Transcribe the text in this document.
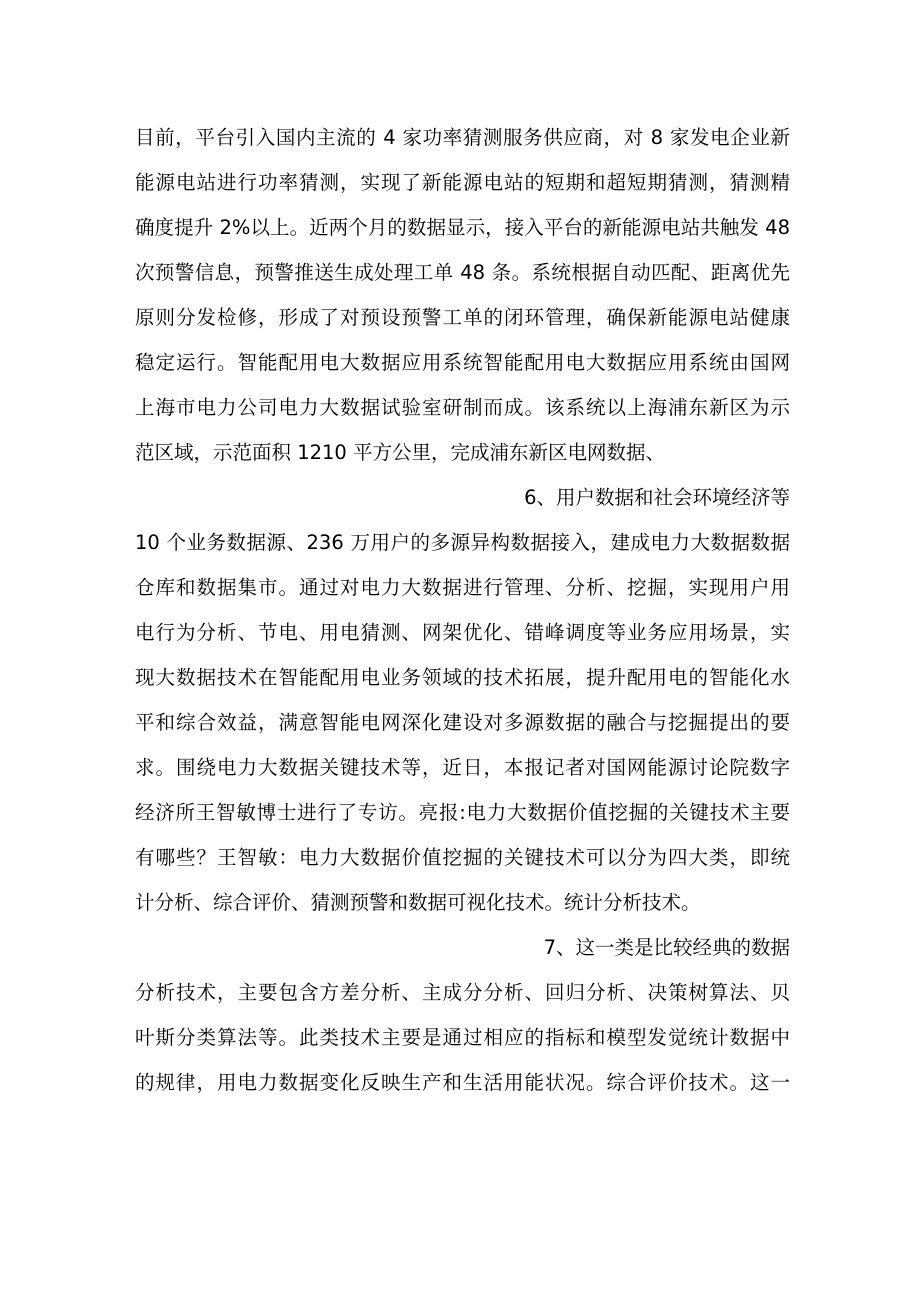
目前，平台引入国内主流的 4 家功率猜测服务供应商，对 8 家发电企业新
能源电站进行功率猜测，实现了新能源电站的短期和超短期猜测，猜测精
确度提升 2%以上。近两个月的数据显示，接入平台的新能源电站共触发 48
次预警信息，预警推送生成处理工单 48 条。系统根据自动匹配、距离优先
原则分发检修，形成了对预设预警工单的闭环管理，确保新能源电站健康
稳定运行。智能配用电大数据应用系统智能配用电大数据应用系统由国网
上海市电力公司电力大数据试验室研制而成。该系统以上海浦东新区为示
范区域，示范面积 1210 平方公里，完成浦东新区电网数据、
6、用户数据和社会环境经济等
10 个业务数据源、236 万用户的多源异构数据接入，建成电力大数据数据
仓库和数据集市。通过对电力大数据进行管理、分析、挖掘，实现用户用
电行为分析、节电、用电猜测、网架优化、错峰调度等业务应用场景，实
现大数据技术在智能配用电业务领域的技术拓展，提升配用电的智能化水
平和综合效益，满意智能电网深化建设对多源数据的融合与挖掘提出的要
求。围绕电力大数据关键技术等，近日，本报记者对国网能源讨论院数字
经济所王智敏博士进行了专访。亮报:电力大数据价值挖掘的关键技术主要
有哪些？王智敏：电力大数据价值挖掘的关键技术可以分为四大类，即统
计分析、综合评价、猜测预警和数据可视化技术。统计分析技术。
7、这一类是比较经典的数据
分析技术，主要包含方差分析、主成分分析、回归分析、决策树算法、贝
叶斯分类算法等。此类技术主要是通过相应的指标和模型发觉统计数据中
的规律，用电力数据变化反映生产和生活用能状况。综合评价技术。这一
